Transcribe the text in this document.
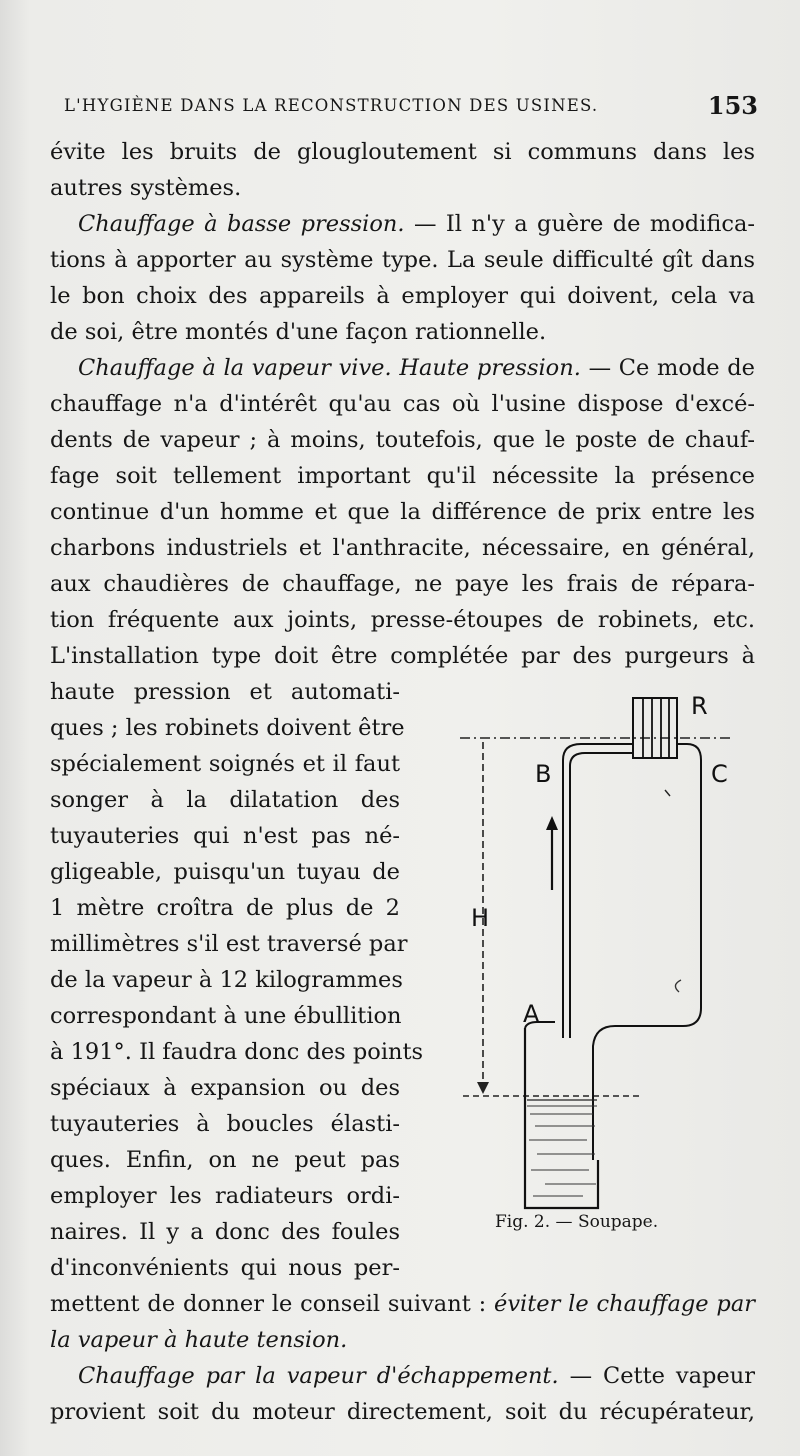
L'HYGIÈNE DANS LA RECONSTRUCTION DES USINES.	153
évite les bruits de glougloutement si communs dans les
autres systèmes.
Chauffage à basse pression. — Il n'y a guère de modifica-
tions à apporter au système type. La seule difficulté gît dans
le bon choix des appareils à employer qui doivent, cela va
de soi, être montés d'une façon rationnelle.
Chauffage à la vapeur vive. Haute pression. — Ce mode de
chauffage n'a d'intérêt qu'au cas où l'usine dispose d'excé-
dents de vapeur ; à moins, toutefois, que le poste de chauf-
fage soit tellement important qu'il nécessite la présence
continue d'un homme et que la différence de prix entre les
charbons industriels et l'anthracite, nécessaire, en général,
aux chaudières de chauffage, ne paye les frais de répara-
tion fréquente aux joints, presse-étoupes de robinets, etc.
L'installation type doit être complétée par des purgeurs à
haute pression et automati-
ques ; les robinets doivent être
spécialement soignés et il faut
songer à la dilatation des
tuyauteries qui n'est pas né-
gligeable, puisqu'un tuyau de
1 mètre croîtra de plus de 2
millimètres s'il est traversé par
de la vapeur à 12 kilogrammes
correspondant à une ébullition
à 191°. Il faudra donc des points
spéciaux à expansion ou des
tuyauteries à boucles élasti-
ques. Enfin, on ne peut pas
employer les radiateurs ordi-
naires. Il y a donc des foules
d'inconvénients qui nous per-
mettent de donner le conseil suivant : éviter le chauffage par
la vapeur à haute tension.
Chauffage par la vapeur d'échappement. — Cette vapeur
provient soit du moteur directement, soit du récupérateur,
R
B	C
H
A
Fig. 2. — Soupape.
